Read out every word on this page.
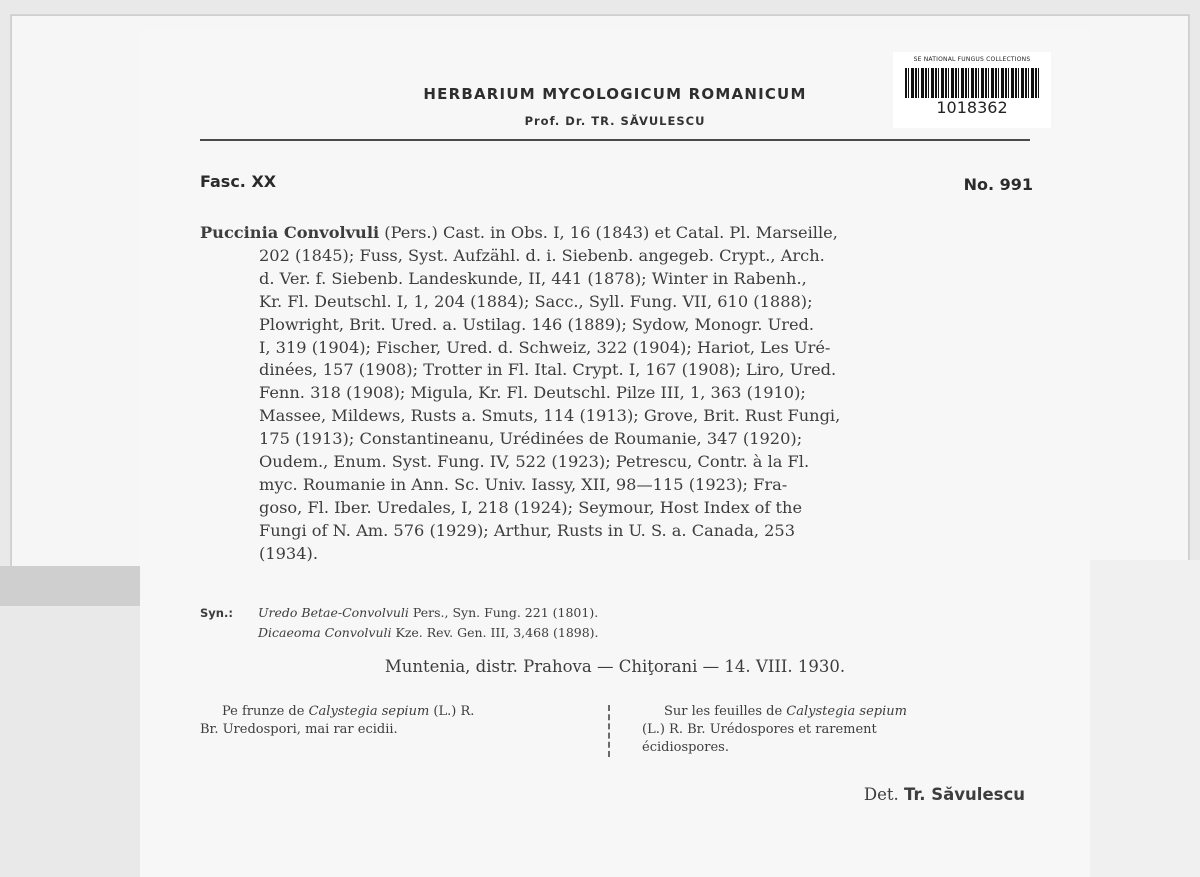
SE NATIONAL FUNGUS COLLECTIONS
1018362
HERBARIUM MYCOLOGICUM ROMANICUM
Prof. Dr. TR. SĂVULESCU
Fasc. XX	No. 991
Puccinia Convolvuli (Pers.) Cast. in Obs. I, 16 (1843) et Catal. Pl. Marseille,
202 (1845); Fuss, Syst. Aufzähl. d. i. Siebenb. angegeb. Crypt., Arch.
d. Ver. f. Siebenb. Landeskunde, II, 441 (1878); Winter in Rabenh.,
Kr. Fl. Deutschl. I, 1, 204 (1884); Sacc., Syll. Fung. VII, 610 (1888);
Plowright, Brit. Ured. a. Ustilag. 146 (1889); Sydow, Monogr. Ured.
I, 319 (1904); Fischer, Ured. d. Schweiz, 322 (1904); Hariot, Les Uré-
dinées, 157 (1908); Trotter in Fl. Ital. Crypt. I, 167 (1908); Liro, Ured.
Fenn. 318 (1908); Migula, Kr. Fl. Deutschl. Pilze III, 1, 363 (1910);
Massee, Mildews, Rusts a. Smuts, 114 (1913); Grove, Brit. Rust Fungi,
175 (1913); Constantineanu, Urédinées de Roumanie, 347 (1920);
Oudem., Enum. Syst. Fung. IV, 522 (1923); Petrescu, Contr. à la Fl.
myc. Roumanie in Ann. Sc. Univ. Iassy, XII, 98—115 (1923); Fra-
goso, Fl. Iber. Uredales, I, 218 (1924); Seymour, Host Index of the
Fungi of N. Am. 576 (1929); Arthur, Rusts in U. S. a. Canada, 253
(1934).
Syn.: Uredo Betae-Convolvuli Pers., Syn. Fung. 221 (1801).
Dicaeoma Convolvuli Kze. Rev. Gen. III, 3,468 (1898).
Muntenia, distr. Prahova — Chiţorani — 14. VIII. 1930.
Pe frunze de Calystegia sepium (L.) R.
Br. Uredospori, mai rar ecidii.
Sur les feuilles de Calystegia sepium
(L.) R. Br. Urédospores et rarement
écidiospores.
Det. Tr. Săvulescu
